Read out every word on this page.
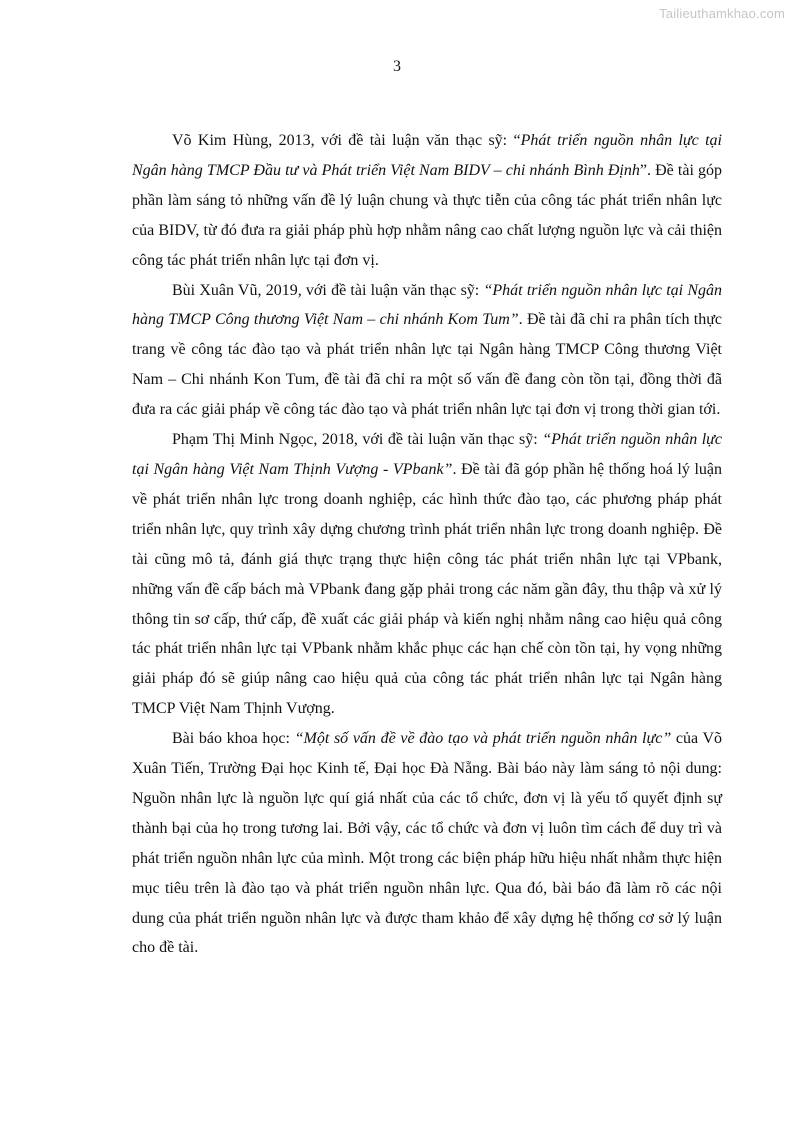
Tailieuthamkhao.com
3

Võ Kim Hùng, 2013, với đề tài luận văn thạc sỹ: “Phát triển nguồn nhân lực tại Ngân hàng TMCP Đầu tư và Phát triển Việt Nam BIDV – chi nhánh Bình Định”. Đề tài góp phần làm sáng tỏ những vấn đề lý luận chung và thực tiễn của công tác phát triển nhân lực của BIDV, từ đó đưa ra giải pháp phù hợp nhằm nâng cao chất lượng nguồn lực và cải thiện công tác phát triển nhân lực tại đơn vị.

Bùi Xuân Vũ, 2019, với đề tài luận văn thạc sỹ: “Phát triển nguồn nhân lực tại Ngân hàng TMCP Công thương Việt Nam – chi nhánh Kom Tum”. Đề tài đã chỉ ra phân tích thực trang về công tác đào tạo và phát triển nhân lực tại Ngân hàng TMCP Công thương Việt Nam – Chi nhánh Kon Tum, đề tài đã chỉ ra một số vấn đề đang còn tồn tại, đồng thời đã đưa ra các giải pháp về công tác đào tạo và phát triển nhân lực tại đơn vị trong thời gian tới.

Phạm Thị Minh Ngọc, 2018, với đề tài luận văn thạc sỹ: “Phát triển nguồn nhân lực tại Ngân hàng Việt Nam Thịnh Vượng - VPbank”. Đề tài đã góp phần hệ thống hoá lý luận về phát triển nhân lực trong doanh nghiệp, các hình thức đào tạo, các phương pháp phát triển nhân lực, quy trình xây dựng chương trình phát triển nhân lực trong doanh nghiệp. Đề tài cũng mô tả, đánh giá thực trạng thực hiện công tác phát triển nhân lực tại VPbank, những vấn đề cấp bách mà VPbank đang gặp phải trong các năm gần đây, thu thập và xử lý thông tin sơ cấp, thứ cấp, đề xuất các giải pháp và kiến nghị nhằm nâng cao hiệu quả công tác phát triển nhân lực tại VPbank nhằm khắc phục các hạn chế còn tồn tại, hy vọng những giải pháp đó sẽ giúp nâng cao hiệu quả của công tác phát triển nhân lực tại Ngân hàng TMCP Việt Nam Thịnh Vượng.

Bài báo khoa học: “Một số vấn đề về đào tạo và phát triển nguồn nhân lực” của Võ Xuân Tiến, Trường Đại học Kinh tế, Đại học Đà Nẵng. Bài báo này làm sáng tỏ nội dung: Nguồn nhân lực là nguồn lực quí giá nhất của các tổ chức, đơn vị là yếu tố quyết định sự thành bại của họ trong tương lai. Bởi vậy, các tổ chức và đơn vị luôn tìm cách để duy trì và phát triển nguồn nhân lực của mình. Một trong các biện pháp hữu hiệu nhất nhằm thực hiện mục tiêu trên là đào tạo và phát triển nguồn nhân lực. Qua đó, bài báo đã làm rõ các nội dung của phát triển nguồn nhân lực và được tham khảo để xây dựng hệ thống cơ sở lý luận cho đề tài.
